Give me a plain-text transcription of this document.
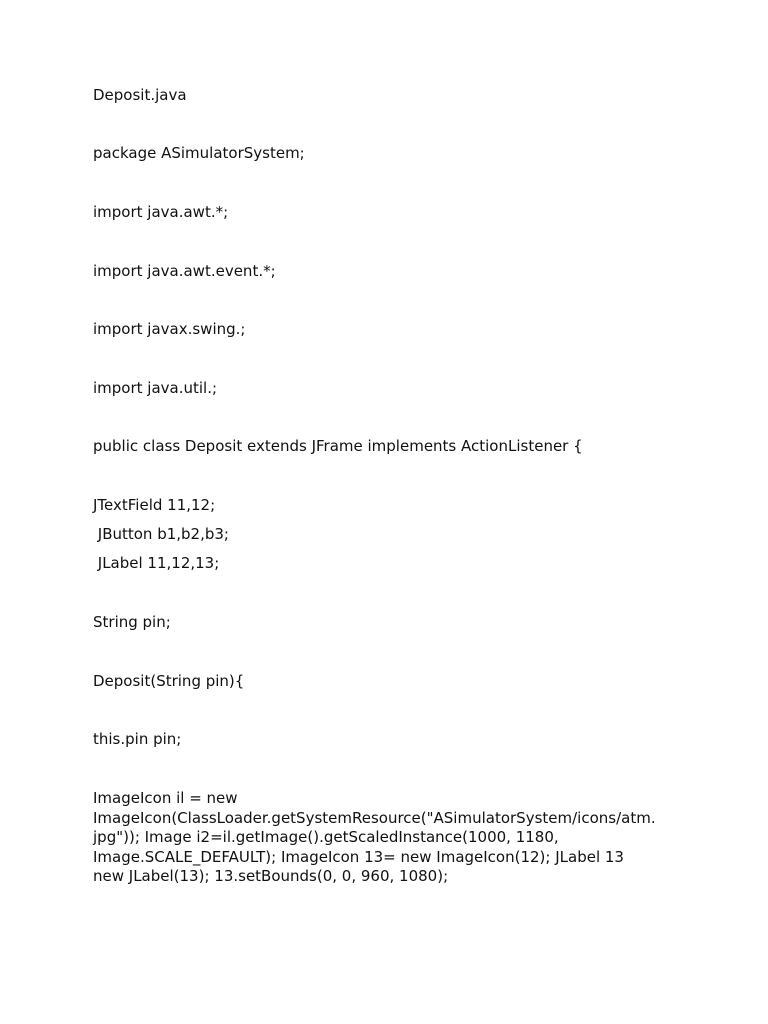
Deposit.java

package ASimulatorSystem;

import java.awt.*;

import java.awt.event.*;

import javax.swing.;

import java.util.;

public class Deposit extends JFrame implements ActionListener {

JTextField 11,12;

JButton b1,b2,b3;

JLabel 11,12,13;

String pin;

Deposit(String pin){

this.pin pin;

ImageIcon il = new

ImageIcon(ClassLoader.getSystemResource("ASimulatorSystem/icons/atm.

jpg")); Image i2=il.getImage().getScaledInstance(1000, 1180,

Image.SCALE_DEFAULT); ImageIcon 13= new ImageIcon(12); JLabel 13

new JLabel(13); 13.setBounds(0, 0, 960, 1080);
